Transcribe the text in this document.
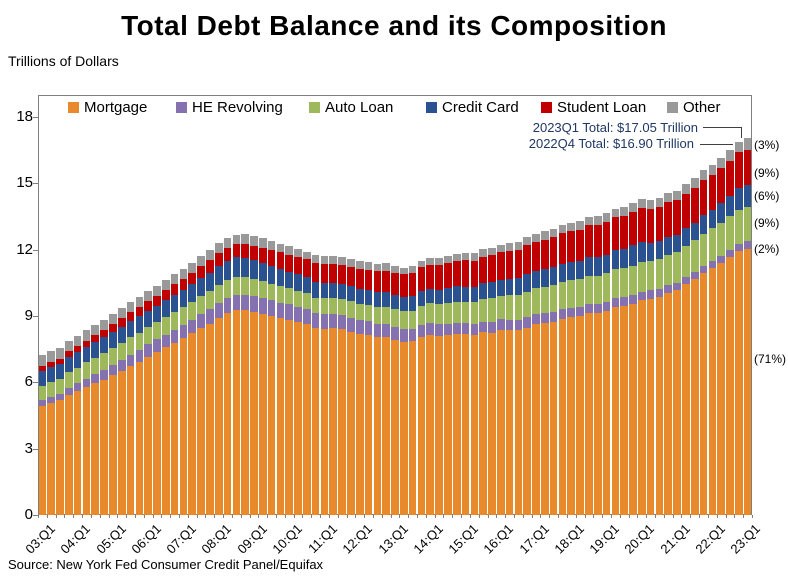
Total Debt Balance and its Composition
Trillions of Dollars
0
3
6
9
12
15
18
03:Q1 04:Q1 05:Q1 06:Q1 07:Q1 08:Q1 09:Q1 10:Q1 11:Q1 12:Q1 13:Q1 14:Q1 15:Q1 16:Q1 17:Q1 18:Q1 19:Q1 20:Q1 21:Q1 22:Q1 23:Q1
Mortgage	HE Revolving	Auto Loan	Credit Card	Student Loan Other
2023Q1 Total: $17.05 Trillion
2022Q4 Total: $16.90 Trillion	(3%)
(9%)
(6%)
(9%)
(2%)
(71%)
Source: New York Fed Consumer Credit Panel/Equifax
